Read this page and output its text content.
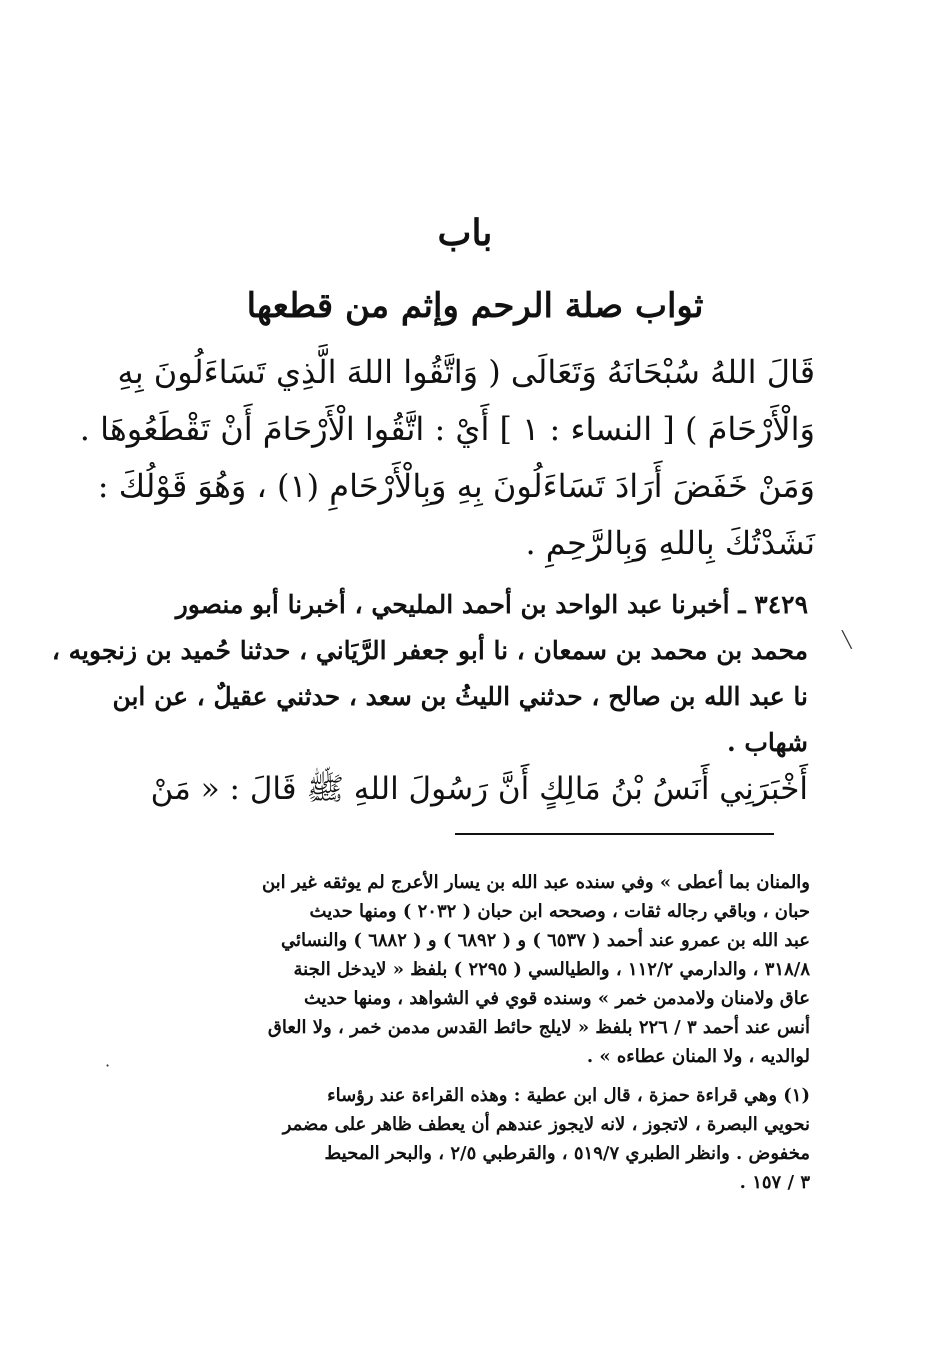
باب
ثواب صلة الرحم وإثم من قطعها
قَالَ اللهُ سُبْحَانَهُ وَتَعَالَى ( وَاتَّقُوا اللهَ الَّذِي تَسَاءَلُونَ بِهِ
وَالْأَرْحَامَ ) [ النساء : ١ ] أَيْ : اتَّقُوا الْأَرْحَامَ أَنْ تَقْطَعُوهَا .
وَمَنْ خَفَضَ أَرَادَ تَسَاءَلُونَ بِهِ وَبِالْأَرْحَامِ (١) ، وَهُوَ قَوْلُكَ :
نَشَدْتُكَ بِاللهِ وَبِالرَّحِمِ .
٣٤٢٩ ـ أخبرنا عبد الواحد بن أحمد المليحي ، أخبرنا أبو منصور
محمد بن محمد بن سمعان ، نا أبو جعفر الرَّيَاني ، حدثنا حُميد بن زنجويه ،
نا عبد الله بن صالح ، حدثني الليثُ بن سعد ، حدثني عقيلٌ ، عن ابن
شهاب .
أَخْبَرَنِي أَنَسُ بْنُ مَالِكٍ أَنَّ رَسُولَ اللهِ ﷺ قَالَ : « مَنْ
والمنان بما أعطى » وفي سنده عبد الله بن يسار الأعرج لم يوثقه غير ابن
حبان ، وباقي رجاله ثقات ، وصححه ابن حبان ( ٢٠٣٢ ) ومنها حديث
عبد الله بن عمرو عند أحمد ( ٦٥٣٧ ) و ( ٦٨٩٢ ) و ( ٦٨٨٢ ) والنسائي
٣١٨/٨ ، والدارمي ١١٢/٢ ، والطيالسي ( ٢٢٩٥ ) بلفظ « لايدخل الجنة
عاق ولامنان ولامدمن خمر » وسنده قوي في الشواهد ، ومنها حديث
أنس عند أحمد ٣ / ٢٢٦ بلفظ « لايلج حائط القدس مدمن خمر ، ولا العاق
لوالديه ، ولا المنان عطاءه » .
(١) وهي قراءة حمزة ، قال ابن عطية : وهذه القراءة عند رؤساء
نحويي البصرة ، لاتجوز ، لانه لايجوز عندهم أن يعطف ظاهر على مضمر
مخفوض . وانظر الطبري ٥١٩/٧ ، والقرطبي ٢/٥ ، والبحر المحيط
٣ / ١٥٧ .
╲
·
